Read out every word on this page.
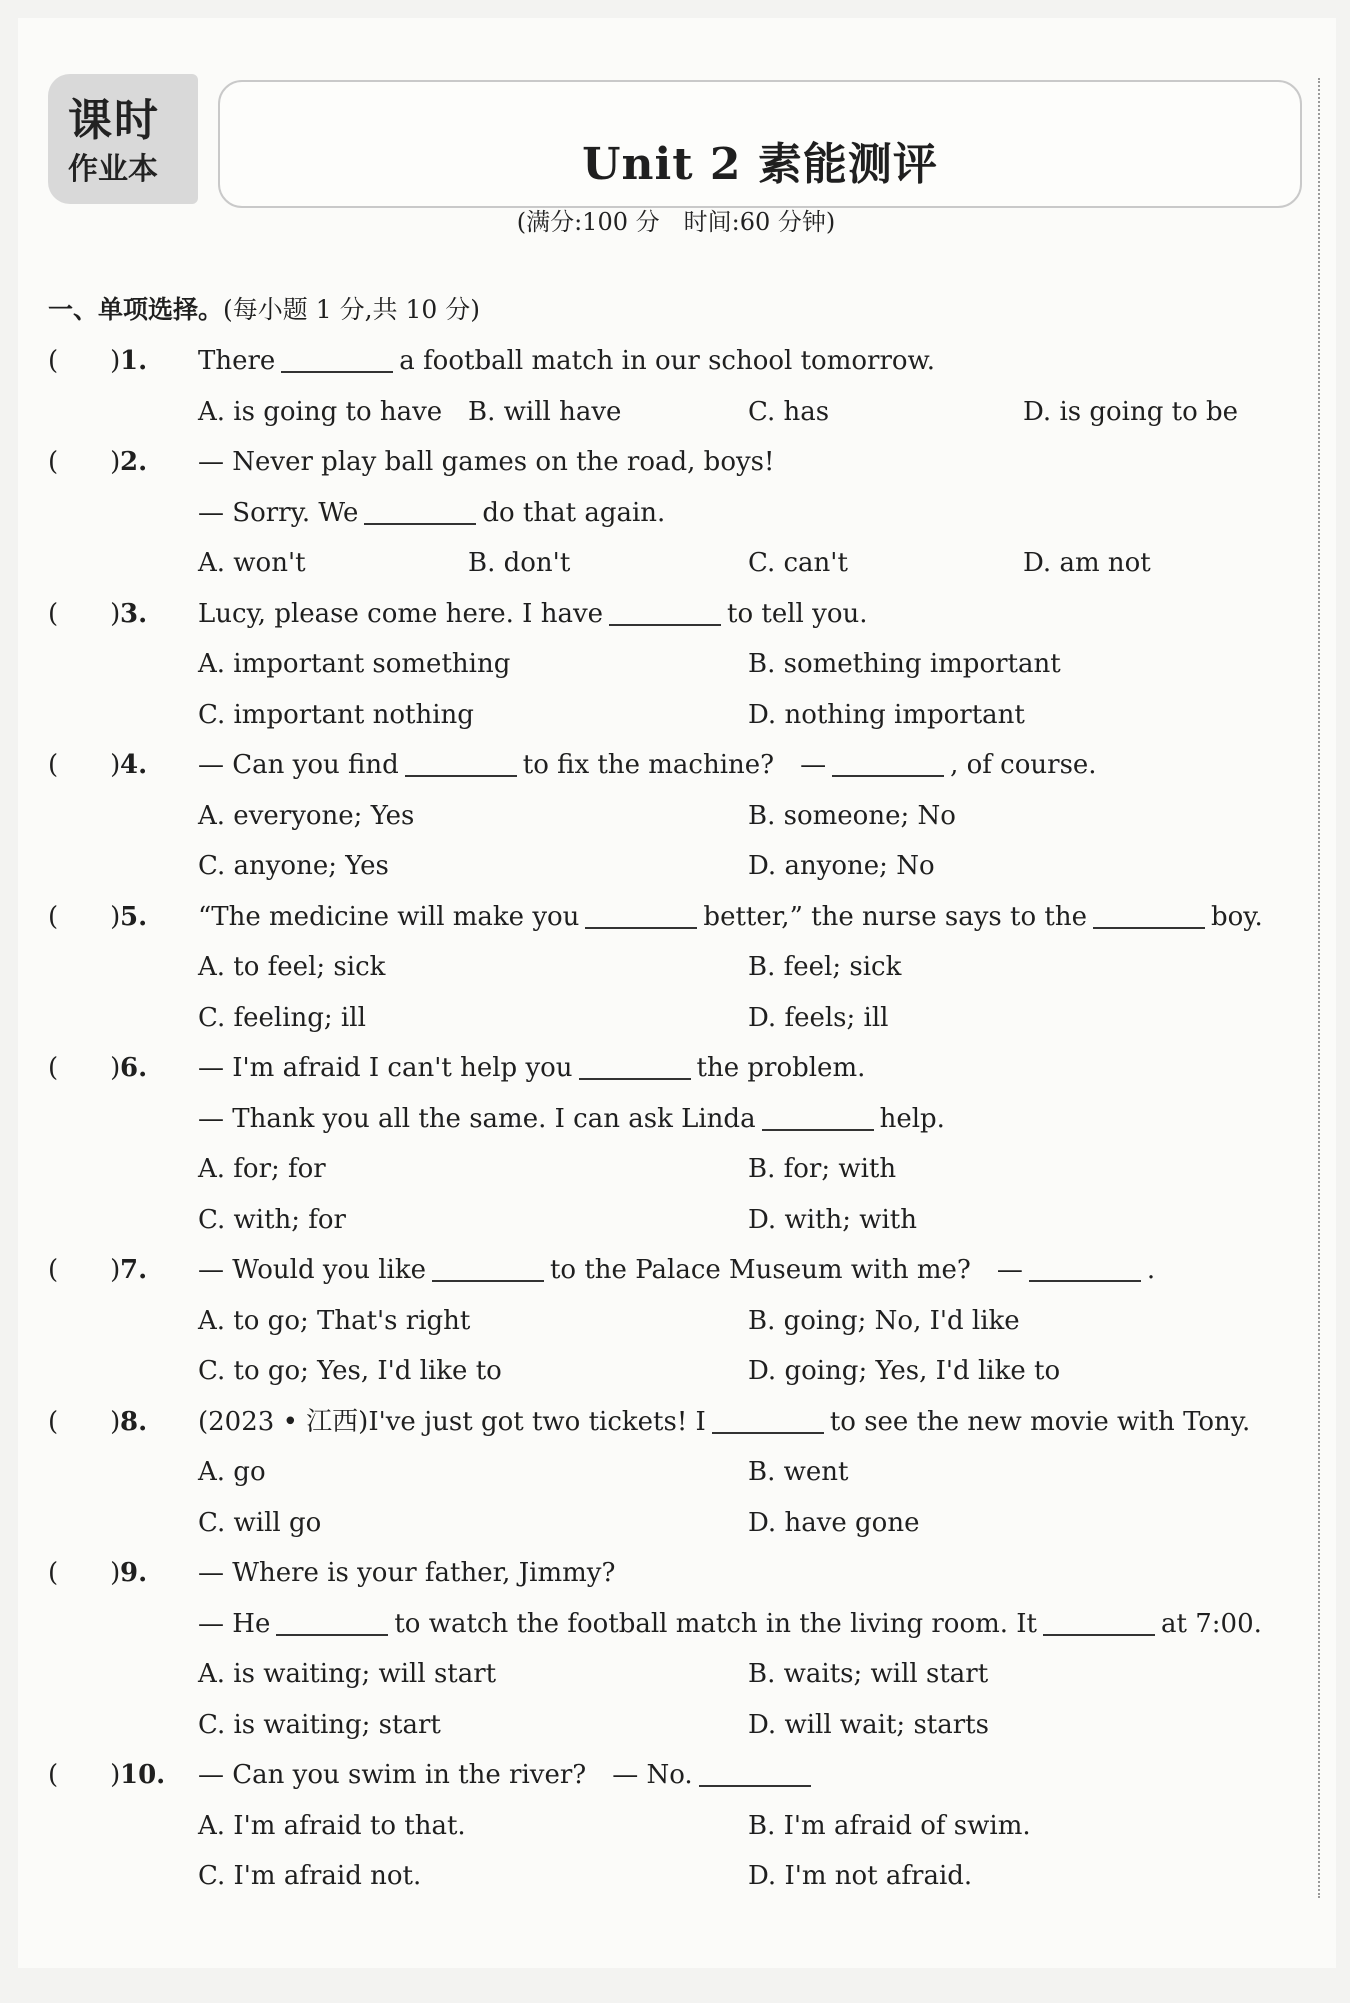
课时
作业本	Unit 2 素能测评
(满分:100 分　时间:60 分钟)
一、单项选择。(每小题 1 分,共 10 分)
(　　) 1. There	a football match in our school tomorrow.
A. is going to have B. will have	C. has	D. is going to be
(　　) 2. — Never play ball games on the road, boys!
— Sorry. We	do that again.
A. won't	B. don't	C. can't	D. am not
(　　) 3. Lucy, please come here. I have	to tell you.
A. important something	B. something important
C. important nothing	D. nothing important
(　　) 4. — Can you find	to fix the machine?　—	, of course.
A. everyone; Yes	B. someone; No
C. anyone; Yes	D. anyone; No
(　　) 5. “The medicine will make you	better,” the nurse says to the	boy.
A. to feel; sick	B. feel; sick
C. feeling; ill	D. feels; ill
(　　) 6. — I'm afraid I can't help you	the problem.
— Thank you all the same. I can ask Linda	help.
A. for; for	B. for; with
C. with; for	D. with; with
(　　) 7. — Would you like	to the Palace Museum with me?　—	.
A. to go; That's right	B. going; No, I'd like
C. to go; Yes, I'd like to	D. going; Yes, I'd like to
(　　) 8. (2023 • 江西)I've just got two tickets! I	to see the new movie with Tony.
A. go	B. went
C. will go	D. have gone
(　　) 9. — Where is your father, Jimmy?
— He	to watch the football match in the living room. It	at 7:00.
A. is waiting; will start	B. waits; will start
C. is waiting; start	D. will wait; starts
(　　) 10. — Can you swim in the river?　— No.
A. I'm afraid to that.	B. I'm afraid of swim.
C. I'm afraid not.	D. I'm not afraid.
